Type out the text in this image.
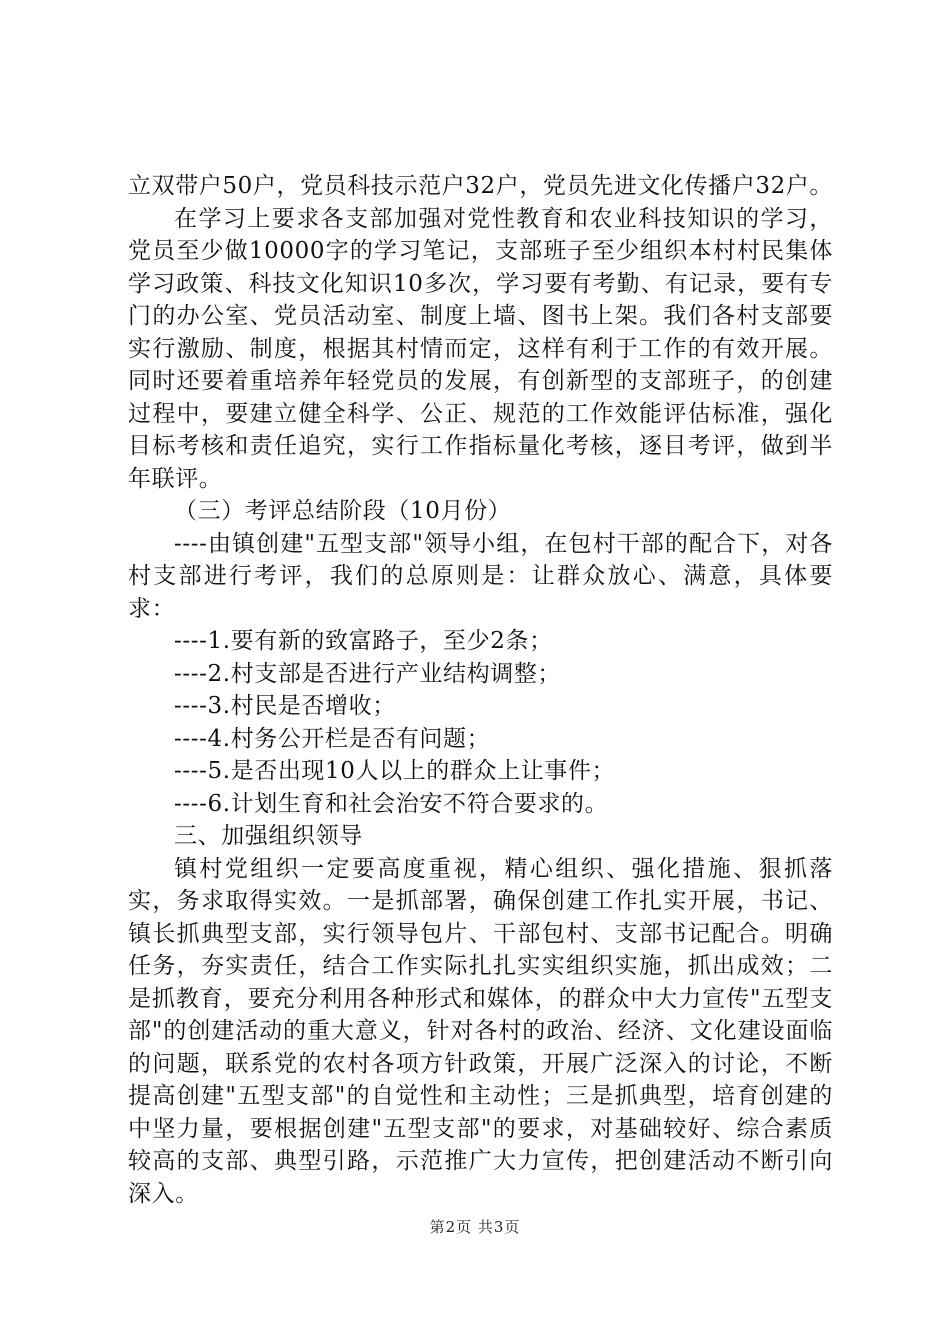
立双带户50户，党员科技示范户32户，党员先进文化传播户32户。

在学习上要求各支部加强对党性教育和农业科技知识的学习，党员至少做10000字的学习笔记，支部班子至少组织本村村民集体学习政策、科技文化知识10多次，学习要有考勤、有记录，要有专门的办公室、党员活动室、制度上墙、图书上架。我们各村支部要实行激励、制度，根据其村情而定，这样有利于工作的有效开展。同时还要着重培养年轻党员的发展，有创新型的支部班子，的创建过程中，要建立健全科学、公正、规范的工作效能评估标准，强化目标考核和责任追究，实行工作指标量化考核，逐目考评，做到半年联评。

（三）考评总结阶段（10月份）

----由镇创建"五型支部"领导小组，在包村干部的配合下，对各村支部进行考评，我们的总原则是：让群众放心、满意，具体要求：

----1.要有新的致富路子，至少2条；

----2.村支部是否进行产业结构调整；

----3.村民是否增收；

----4.村务公开栏是否有问题；

----5.是否出现10人以上的群众上让事件；

----6.计划生育和社会治安不符合要求的。

三、加强组织领导

镇村党组织一定要高度重视，精心组织、强化措施、狠抓落实，务求取得实效。一是抓部署，确保创建工作扎实开展，书记、镇长抓典型支部，实行领导包片、干部包村、支部书记配合。明确任务，夯实责任，结合工作实际扎扎实实组织实施，抓出成效；二是抓教育，要充分利用各种形式和媒体，的群众中大力宣传"五型支部"的创建活动的重大意义，针对各村的政治、经济、文化建设面临的问题，联系党的农村各项方针政策，开展广泛深入的讨论，不断提高创建"五型支部"的自觉性和主动性；三是抓典型，培育创建的中坚力量，要根据创建"五型支部"的要求，对基础较好、综合素质较高的支部、典型引路，示范推广大力宣传，把创建活动不断引向深入。

第2页 共3页
